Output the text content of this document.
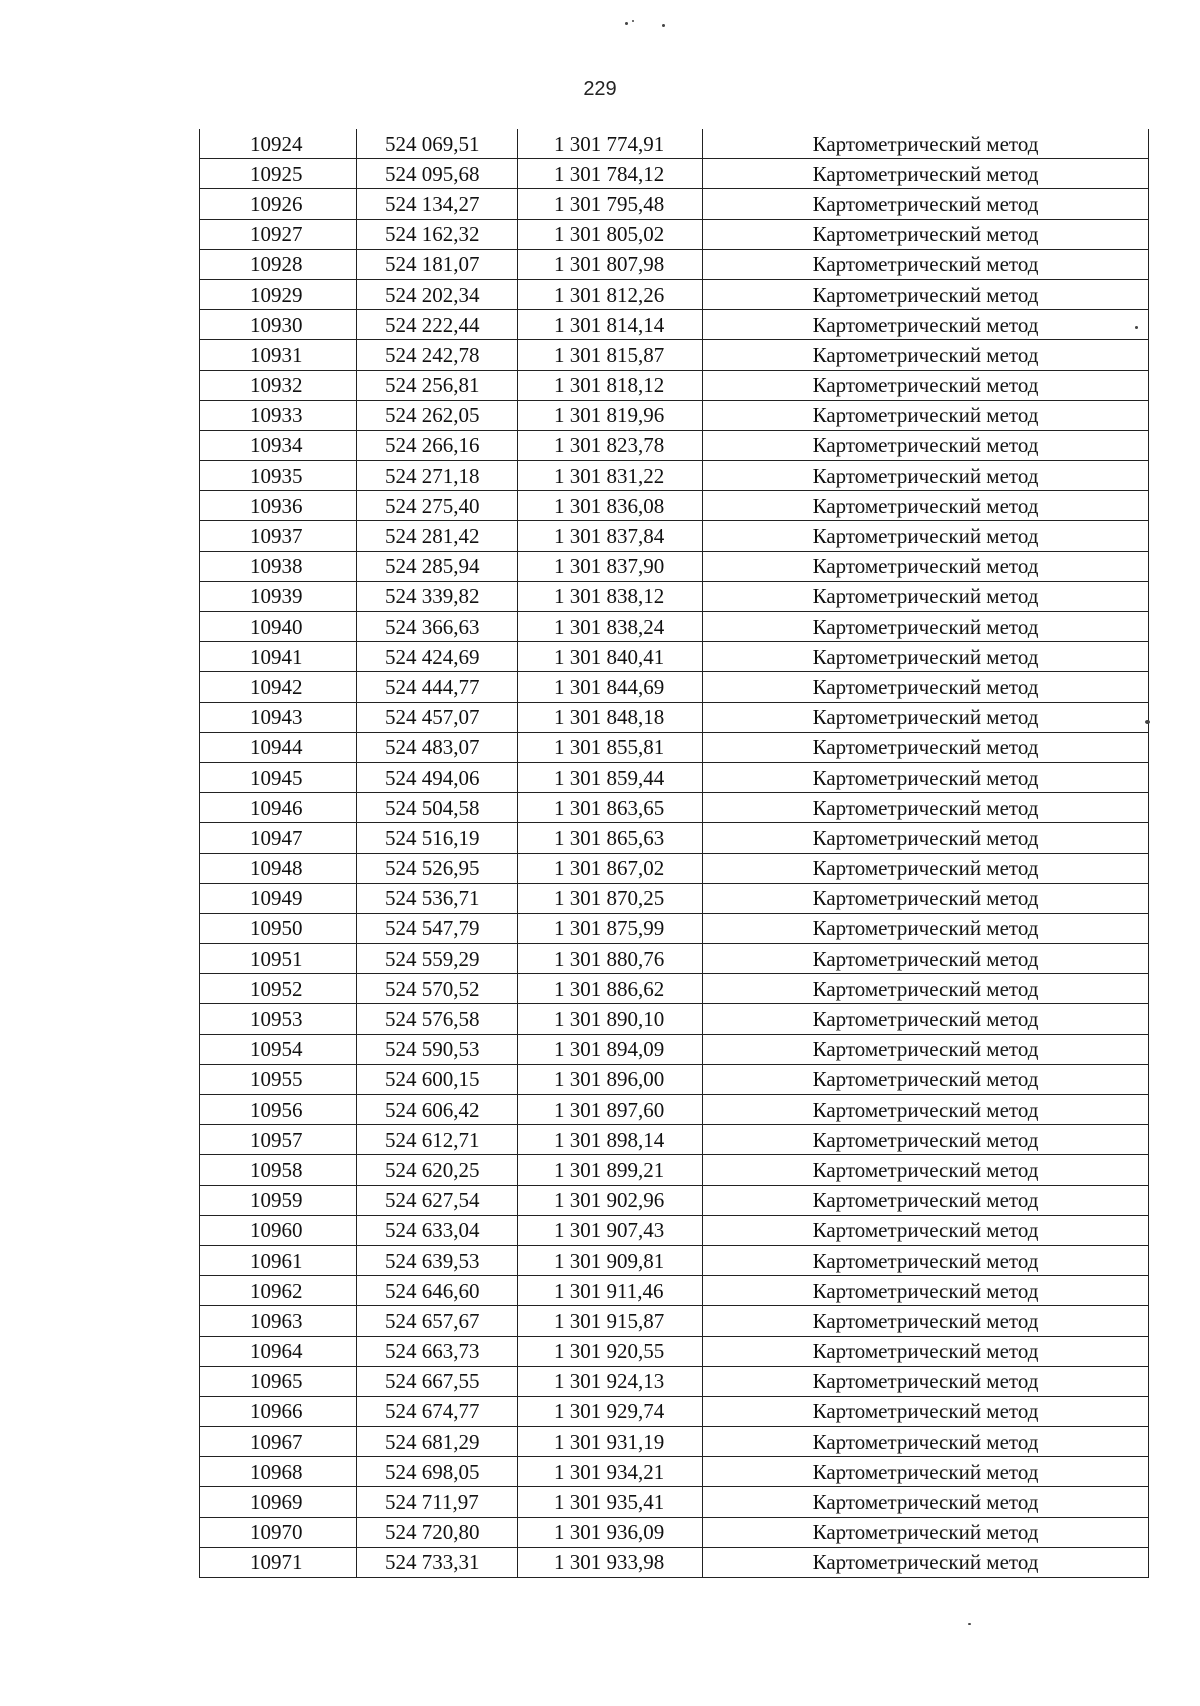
229
10924	524 069,51	1 301 774,91	Картометрический метод
10925	524 095,68	1 301 784,12	Картометрический метод
10926	524 134,27	1 301 795,48	Картометрический метод
10927	524 162,32	1 301 805,02	Картометрический метод
10928	524 181,07	1 301 807,98	Картометрический метод
10929	524 202,34	1 301 812,26	Картометрический метод
10930	524 222,44	1 301 814,14	Картометрический метод
10931	524 242,78	1 301 815,87	Картометрический метод
10932	524 256,81	1 301 818,12	Картометрический метод
10933	524 262,05	1 301 819,96	Картометрический метод
10934	524 266,16	1 301 823,78	Картометрический метод
10935	524 271,18	1 301 831,22	Картометрический метод
10936	524 275,40	1 301 836,08	Картометрический метод
10937	524 281,42	1 301 837,84	Картометрический метод
10938	524 285,94	1 301 837,90	Картометрический метод
10939	524 339,82	1 301 838,12	Картометрический метод
10940	524 366,63	1 301 838,24	Картометрический метод
10941	524 424,69	1 301 840,41	Картометрический метод
10942	524 444,77	1 301 844,69	Картометрический метод
10943	524 457,07	1 301 848,18	Картометрический метод
10944	524 483,07	1 301 855,81	Картометрический метод
10945	524 494,06	1 301 859,44	Картометрический метод
10946	524 504,58	1 301 863,65	Картометрический метод
10947	524 516,19	1 301 865,63	Картометрический метод
10948	524 526,95	1 301 867,02	Картометрический метод
10949	524 536,71	1 301 870,25	Картометрический метод
10950	524 547,79	1 301 875,99	Картометрический метод
10951	524 559,29	1 301 880,76	Картометрический метод
10952	524 570,52	1 301 886,62	Картометрический метод
10953	524 576,58	1 301 890,10	Картометрический метод
10954	524 590,53	1 301 894,09	Картометрический метод
10955	524 600,15	1 301 896,00	Картометрический метод
10956	524 606,42	1 301 897,60	Картометрический метод
10957	524 612,71	1 301 898,14	Картометрический метод
10958	524 620,25	1 301 899,21	Картометрический метод
10959	524 627,54	1 301 902,96	Картометрический метод
10960	524 633,04	1 301 907,43	Картометрический метод
10961	524 639,53	1 301 909,81	Картометрический метод
10962	524 646,60	1 301 911,46	Картометрический метод
10963	524 657,67	1 301 915,87	Картометрический метод
10964	524 663,73	1 301 920,55	Картометрический метод
10965	524 667,55	1 301 924,13	Картометрический метод
10966	524 674,77	1 301 929,74	Картометрический метод
10967	524 681,29	1 301 931,19	Картометрический метод
10968	524 698,05	1 301 934,21	Картометрический метод
10969	524 711,97	1 301 935,41	Картометрический метод
10970	524 720,80	1 301 936,09	Картометрический метод
10971	524 733,31	1 301 933,98	Картометрический метод
